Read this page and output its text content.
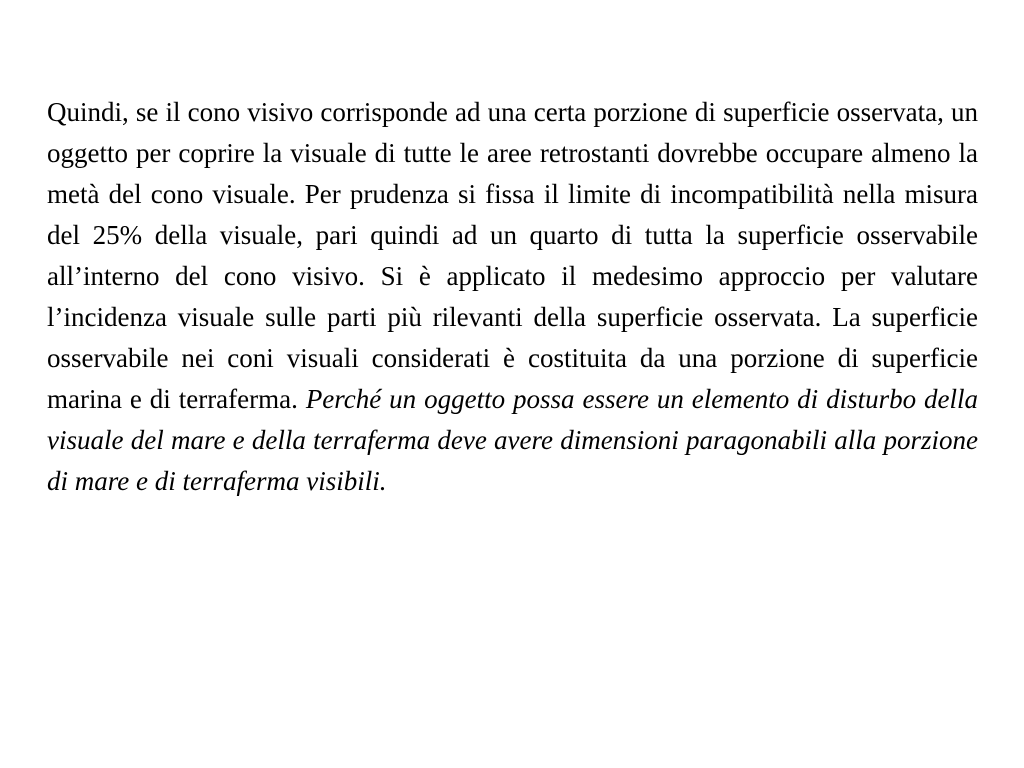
Quindi, se il cono visivo corrisponde ad una certa porzione di superficie osservata, un oggetto per coprire la visuale di tutte le aree retrostanti dovrebbe occupare almeno la metà del cono visuale. Per prudenza si fissa il limite di incompatibilità nella misura del 25% della visuale, pari quindi ad un quarto di tutta la superficie osservabile all’interno del cono visivo. Si è applicato il medesimo approccio per valutare l’incidenza visuale sulle parti più rilevanti della superficie osservata. La superficie osservabile nei coni visuali considerati è costituita da una porzione di superficie marina e di terraferma. Perché un oggetto possa essere un elemento di disturbo della visuale del mare e della terraferma deve avere dimensioni paragonabili alla porzione di mare e di terraferma visibili.
